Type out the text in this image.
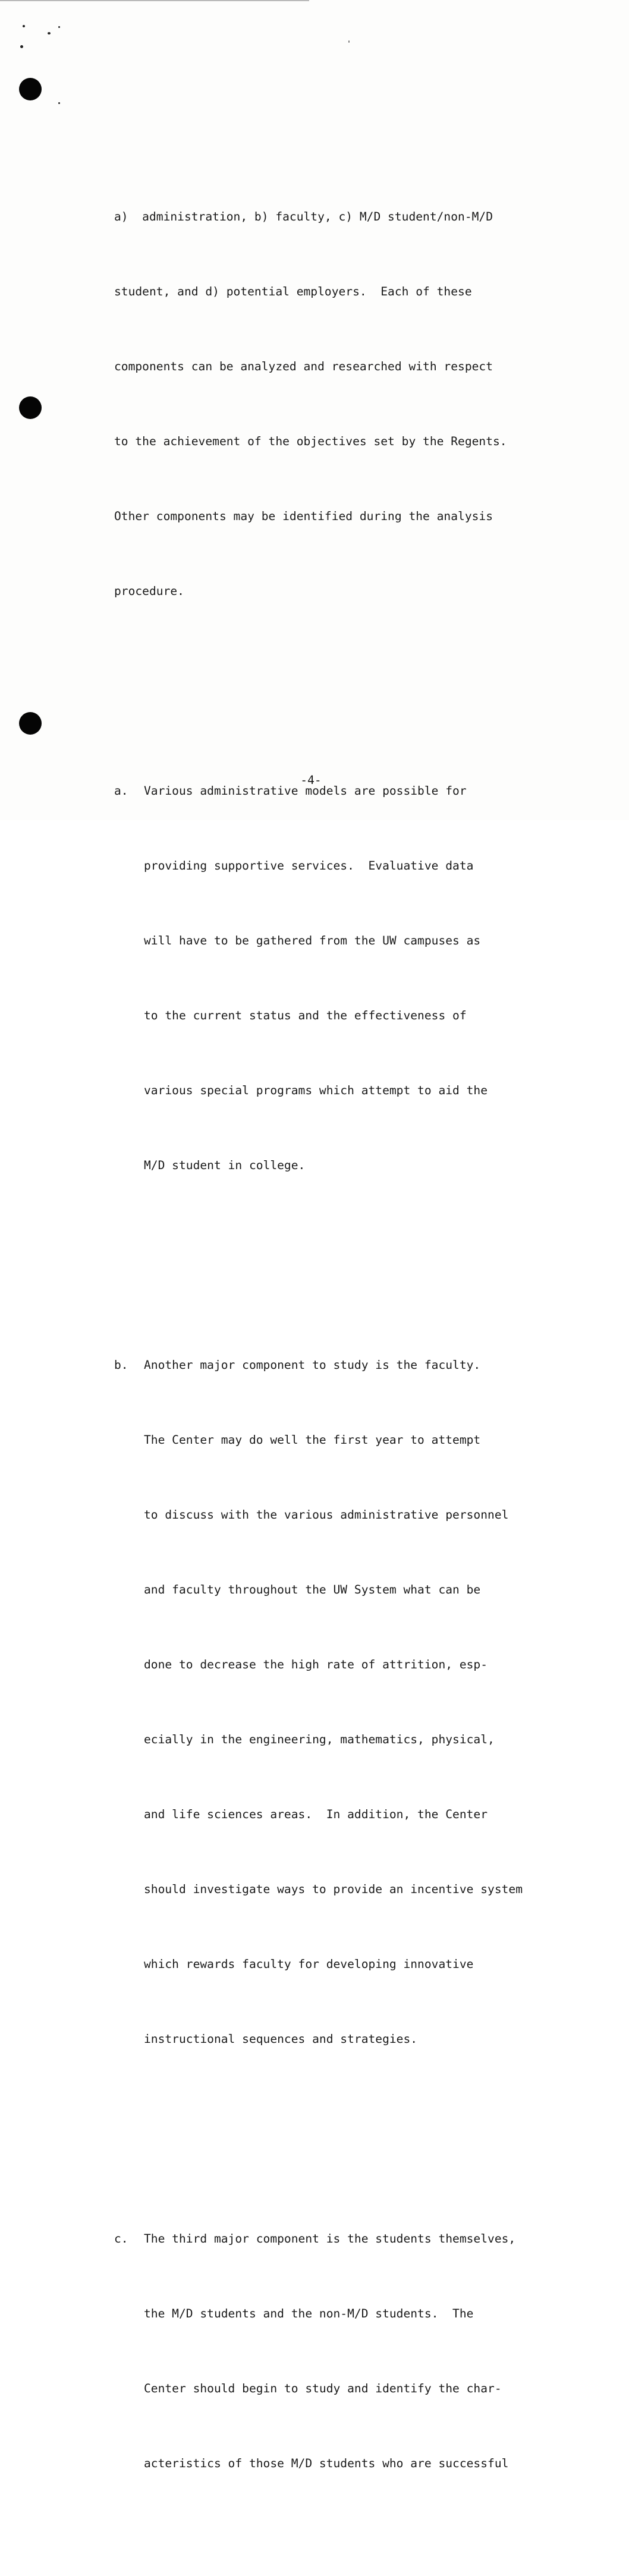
a)  administration, b) faculty, c) M/D student/non-M/D

student, and d) potential employers.  Each of these

components can be analyzed and researched with respect

to the achievement of the objectives set by the Regents.

Other components may be identified during the analysis

procedure.

a. Various administrative models are possible for

providing supportive services.  Evaluative data

will have to be gathered from the UW campuses as

to the current status and the effectiveness of

various special programs which attempt to aid the

M/D student in college.

b. Another major component to study is the faculty.

The Center may do well the first year to attempt

to discuss with the various administrative personnel

and faculty throughout the UW System what can be

done to decrease the high rate of attrition, esp-

ecially in the engineering, mathematics, physical,

and life sciences areas.  In addition, the Center

should investigate ways to provide an incentive system

which rewards faculty for developing innovative

instructional sequences and strategies.

c. The third major component is the students themselves,

the M/D students and the non-M/D students.  The

Center should begin to study and identify the char-

acteristics of those M/D students who are successful

-4-
